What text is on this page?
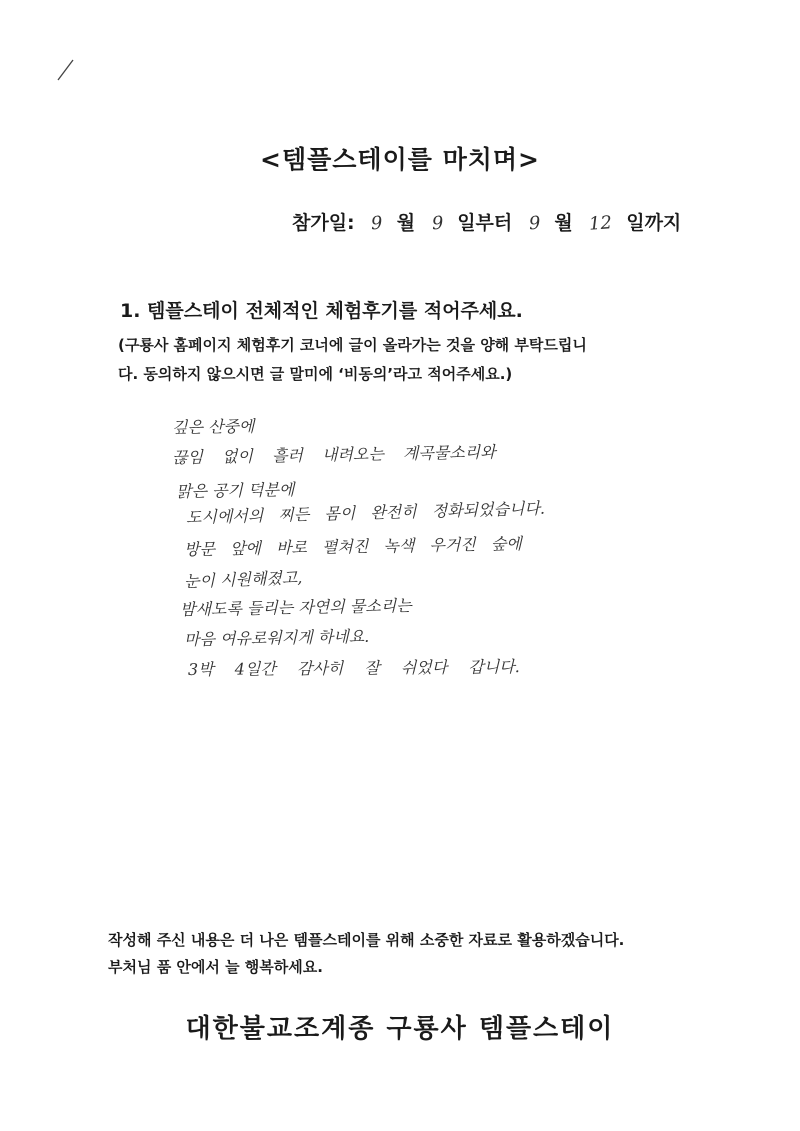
<템플스테이를 마치며>
참가일: 9 월 9 일부터 9 월 12 일까지
1. 템플스테이 전체적인 체험후기를 적어주세요.
(구룡사 홈페이지 체험후기 코너에 글이 올라가는 것을 양해 부탁드립니
다. 동의하지 않으시면 글 말미에 ‘비동의’라고 적어주세요.)
깊은 산중에
끊임 없이 흘러 내려오는 계곡물소리와
맑은 공기 덕분에
도시에서의 찌든 몸이 완전히 정화되었습니다.
방문 앞에 바로 펼쳐진 녹색 우거진 숲에
눈이 시원해졌고,
밤새도록 들리는 자연의 물소리는
마음 여유로워지게 하네요.
3박 4일간 감사히 잘 쉬었다 갑니다.
작성해 주신 내용은 더 나은 템플스테이를 위해 소중한 자료로 활용하겠습니다.
부처님 품 안에서 늘 행복하세요.
대한불교조계종 구룡사 템플스테이
